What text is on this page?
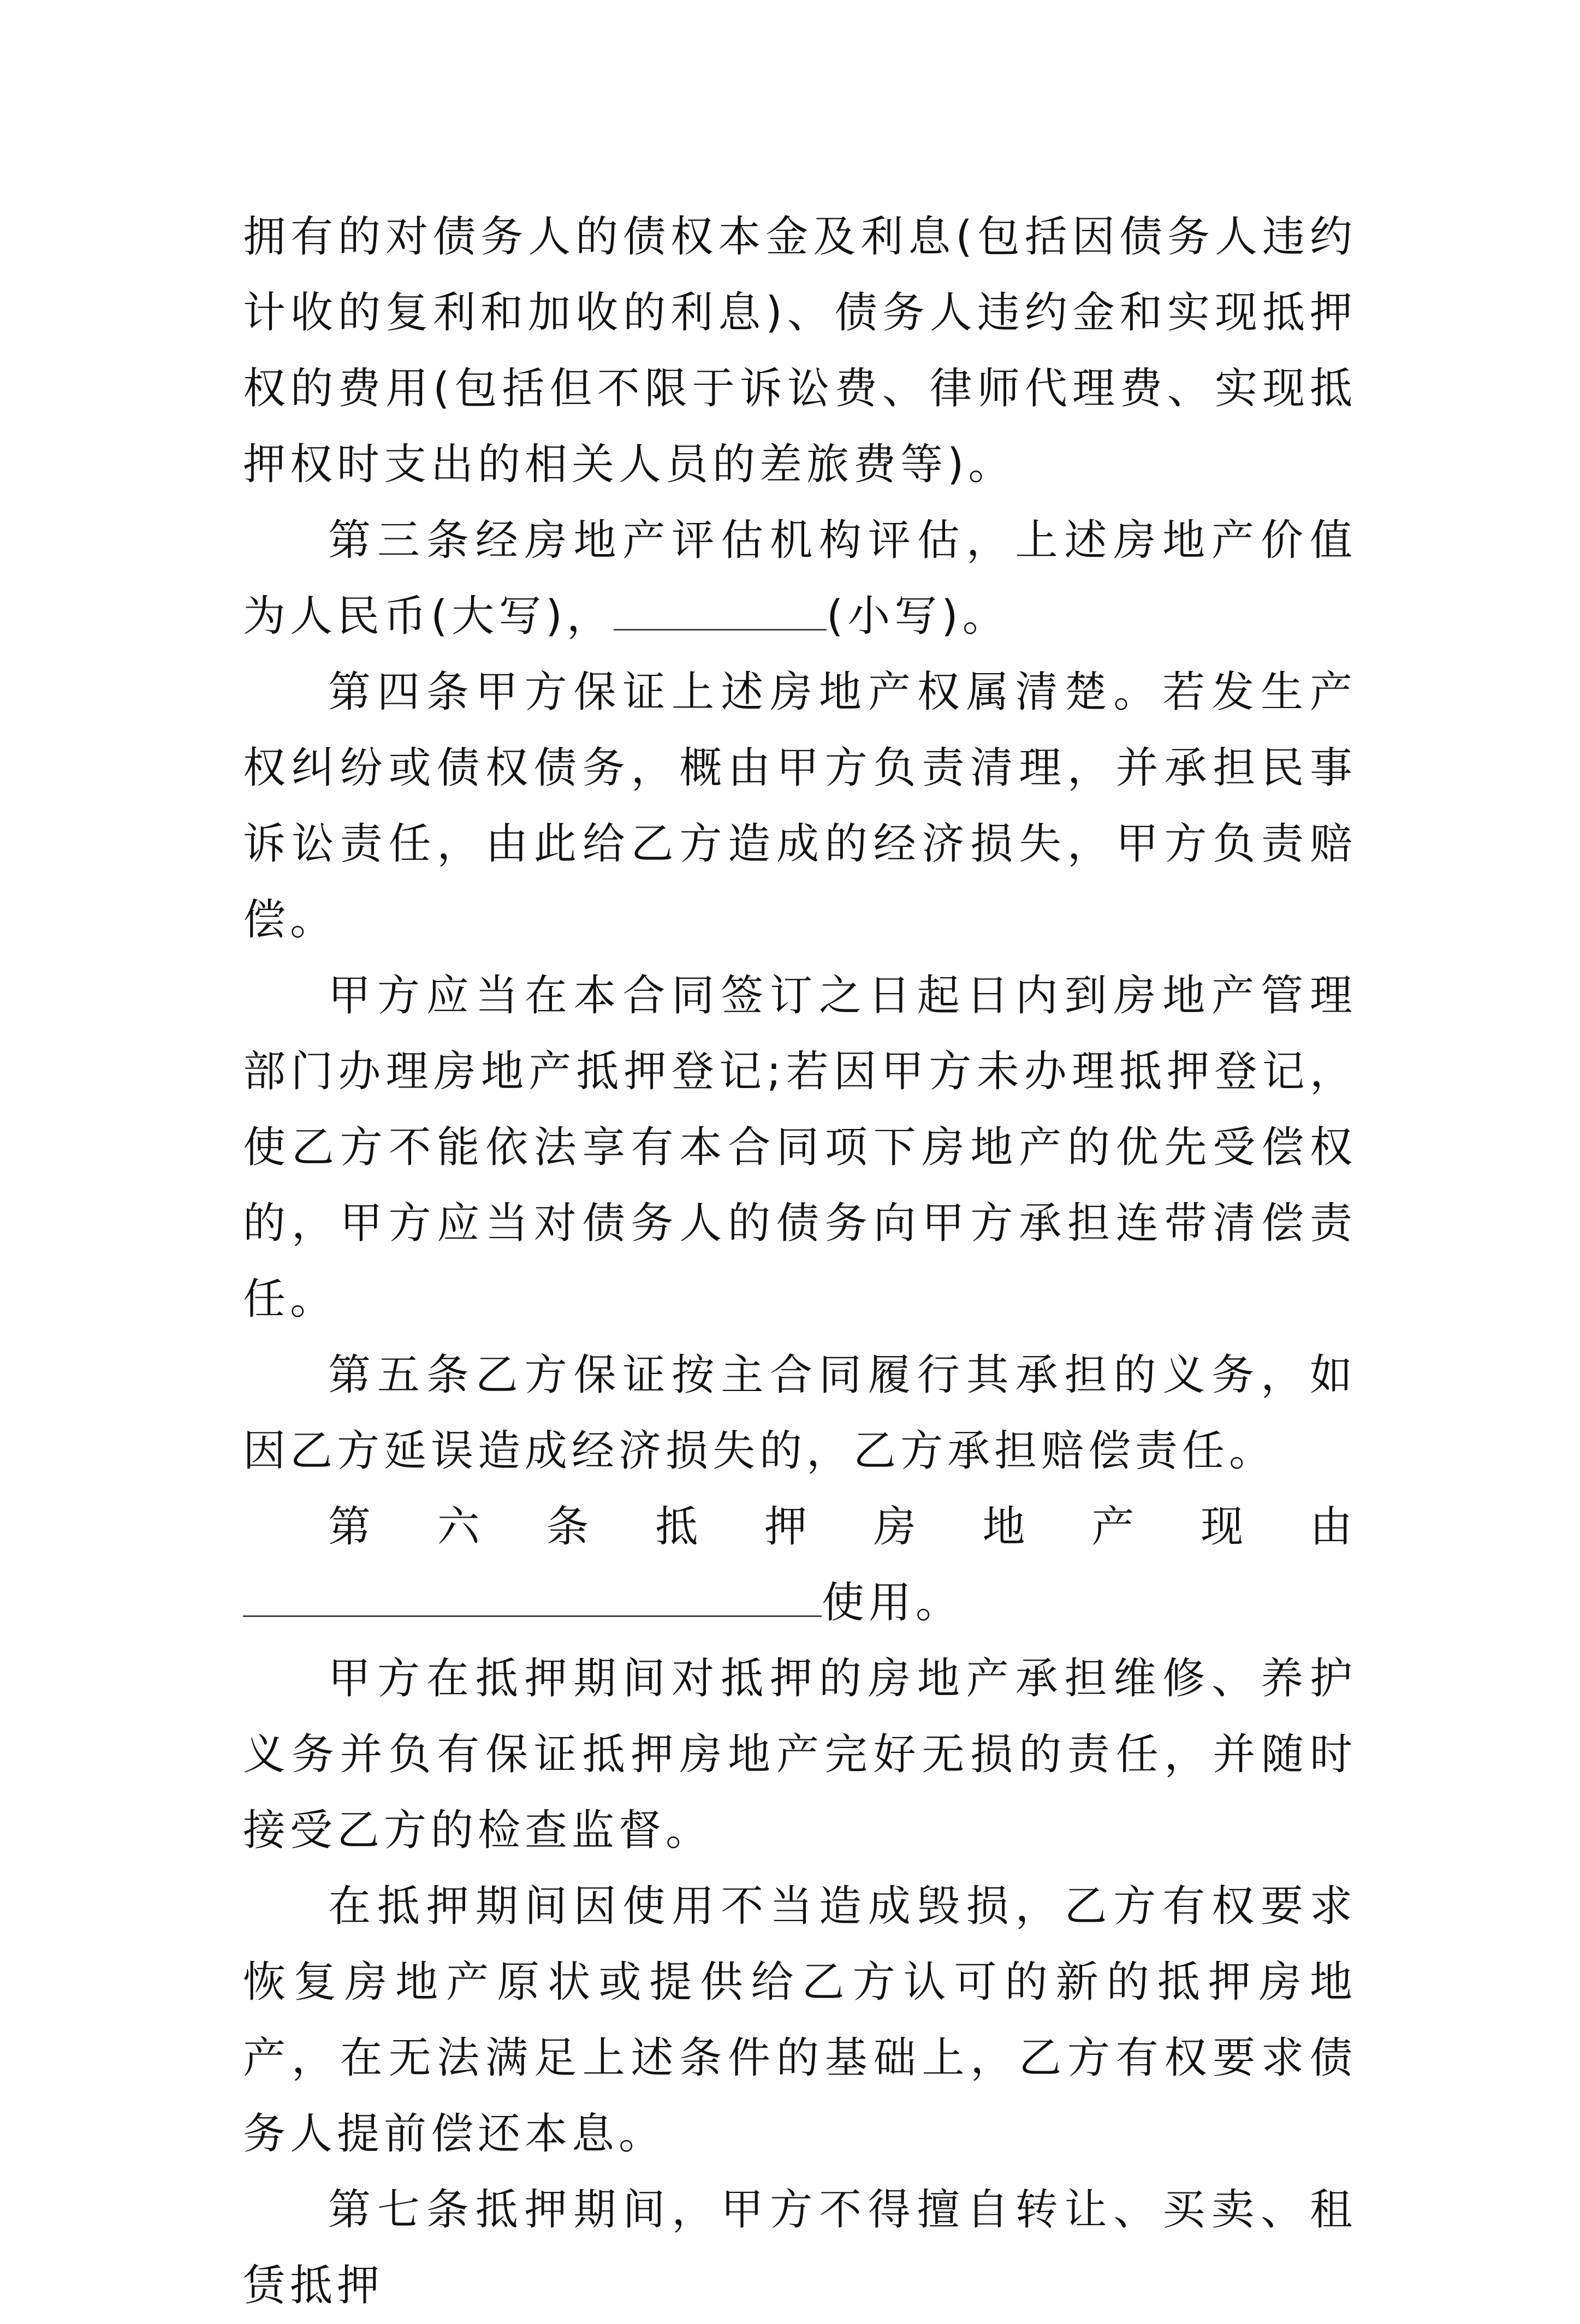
拥有的对债务人的债权本金及利息(包括因债务人违约计收的复利和加收的利息)、债务人违约金和实现抵押权的费用(包括但不限于诉讼费、律师代理费、实现抵押权时支出的相关人员的差旅费等)。

第三条经房地产评估机构评估，上述房地产价值为人民币(大写)，	(小写)。

第四条甲方保证上述房地产权属清楚。若发生产权纠纷或债权债务，概由甲方负责清理，并承担民事诉讼责任，由此给乙方造成的经济损失，甲方负责赔偿。

甲方应当在本合同签订之日起日内到房地产管理部门办理房地产抵押登记;若因甲方未办理抵押登记，使乙方不能依法享有本合同项下房地产的优先受偿权的，甲方应当对债务人的债务向甲方承担连带清偿责任。

第五条乙方保证按主合同履行其承担的义务，如因乙方延误造成经济损失的，乙方承担赔偿责任。

第六条抵押房地产现由使用。

甲方在抵押期间对抵押的房地产承担维修、养护义务并负有保证抵押房地产完好无损的责任，并随时接受乙方的检查监督。

在抵押期间因使用不当造成毁损，乙方有权要求恢复房地产原状或提供给乙方认可的新的抵押房地产，在无法满足上述条件的基础上，乙方有权要求债务人提前偿还本息。

第七条抵押期间，甲方不得擅自转让、买卖、租赁抵押
